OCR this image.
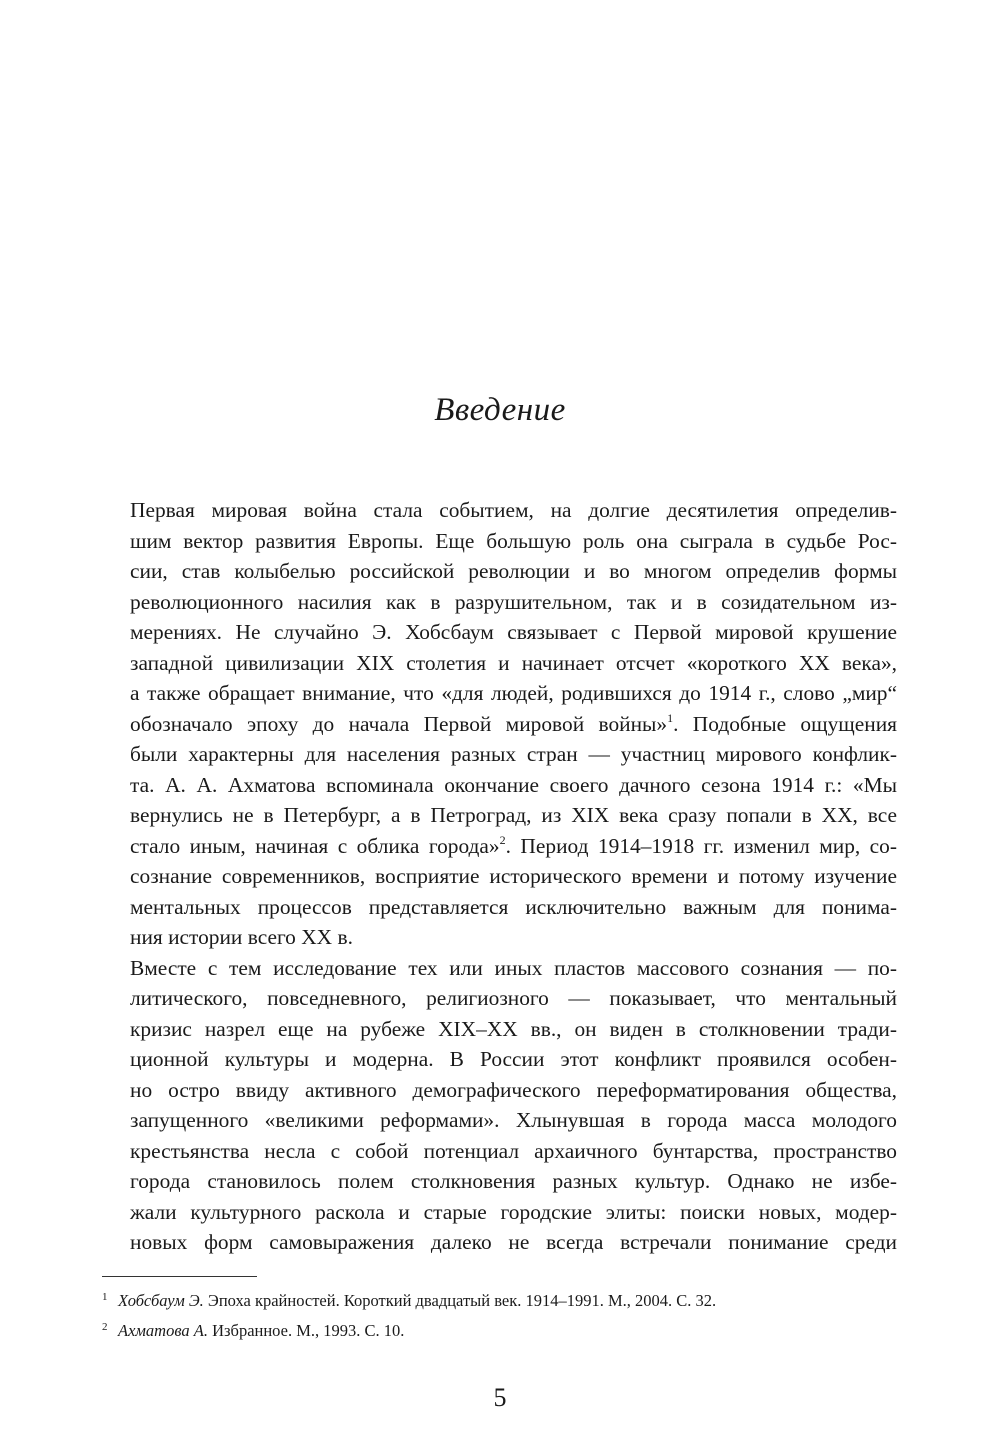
Введение
Первая мировая война стала событием, на долгие десятилетия определив-
шим вектор развития Европы. Еще большую роль она сыграла в судьбе Рос-
сии, став колыбелью российской революции и во многом определив формы
революционного насилия как в разрушительном, так и в созидательном из-
мерениях. Не случайно Э. Хобсбаум связывает с Первой мировой крушение
западной цивилизации XIX столетия и начинает отсчет «короткого XX века»,
а также обращает внимание, что «для людей, родившихся до 1914 г., слово „мир“
обозначало эпоху до начала Первой мировой войны»$^1$. Подобные ощущения
были характерны для населения разных стран — участниц мирового конфлик-
та. А. А. Ахматова вспоминала окончание своего дачного сезона 1914 г.: «Мы
вернулись не в Петербург, а в Петроград, из XIX века сразу попали в XX, все
стало иным, начиная с облика города»$^2$. Период 1914–1918 гг. изменил мир, со-
сознание современников, восприятие исторического времени и потому изучение
ментальных процессов представляется исключительно важным для понима-
ния истории всего XX в.
Вместе с тем исследование тех или иных пластов массового сознания — по-
литического, повседневного, религиозного — показывает, что ментальный
кризис назрел еще на рубеже XIX–XX вв., он виден в столкновении тради-
ционной культуры и модерна. В России этот конфликт проявился особен-
но остро ввиду активного демографического переформатирования общества,
запущенного «великими реформами». Хлынувшая в города масса молодого
крестьянства несла с собой потенциал архаичного бунтарства, пространство
города становилось полем столкновения разных культур. Однако не избе-
жали культурного раскола и старые городские элиты: поиски новых, модер-
новых форм самовыражения далеко не всегда встречали понимание среди
1 Хобсбаум Э. Эпоха крайностей. Короткий двадцатый век. 1914–1991. М., 2004. С. 32.
2 Ахматова А. Избранное. М., 1993. С. 10.
5
